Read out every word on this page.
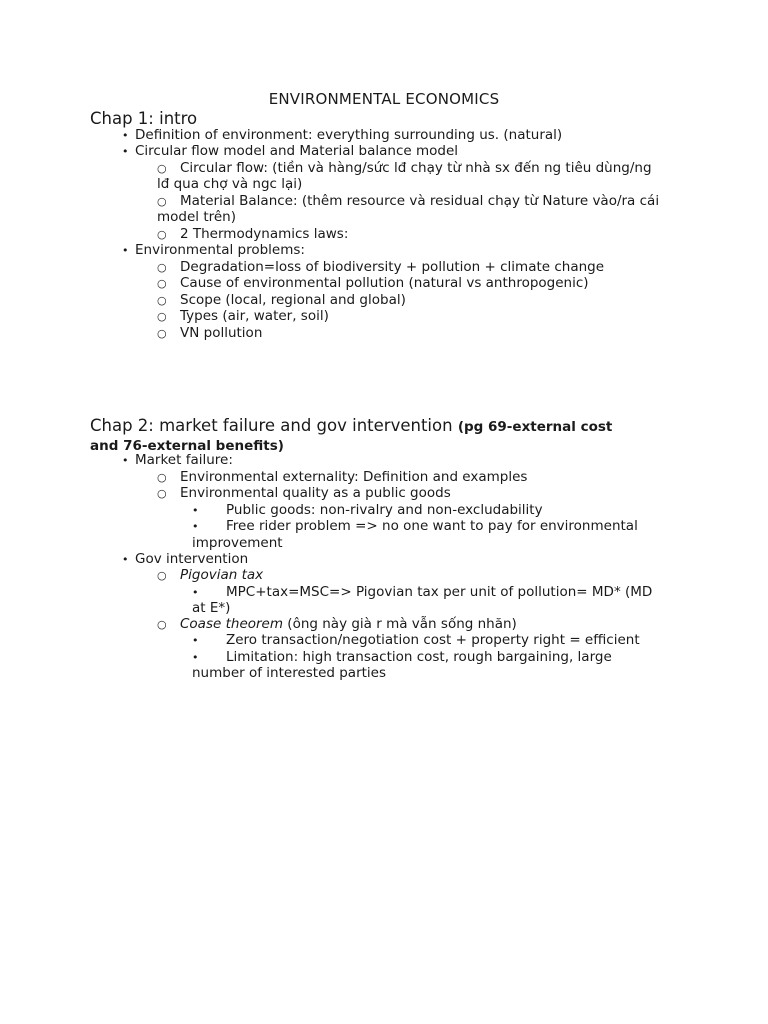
ENVIRONMENTAL ECONOMICS
Chap 1: intro
• Definition of environment: everything surrounding us. (natural)
• Circular flow model and Material balance model
○ Circular flow: (tiền và hàng/sức lđ chạy từ nhà sx đến ng tiêu dùng/ng
lđ qua chợ và ngc lại)
○ Material Balance: (thêm resource và residual chạy từ Nature vào/ra cái
model trên)
○ 2 Thermodynamics laws:
• Environmental problems:
○ Degradation=loss of biodiversity + pollution + climate change
○ Cause of environmental pollution (natural vs anthropogenic)
○ Scope (local, regional and global)
○ Types (air, water, soil)
○ VN pollution
Chap 2: market failure and gov intervention (pg 69-external cost
and 76-external benefits)
• Market failure:
○ Environmental externality: Definition and examples
○ Environmental quality as a public goods
• Public goods: non-rivalry and non-excludability
• Free rider problem => no one want to pay for environmental
improvement
• Gov intervention
○ Pigovian tax
• MPC+tax=MSC=> Pigovian tax per unit of pollution= MD* (MD
at E*)
○ Coase theorem (ông này già r mà vẫn sống nhăn)
• Zero transaction/negotiation cost + property right = efficient
• Limitation: high transaction cost, rough bargaining, large
number of interested parties
